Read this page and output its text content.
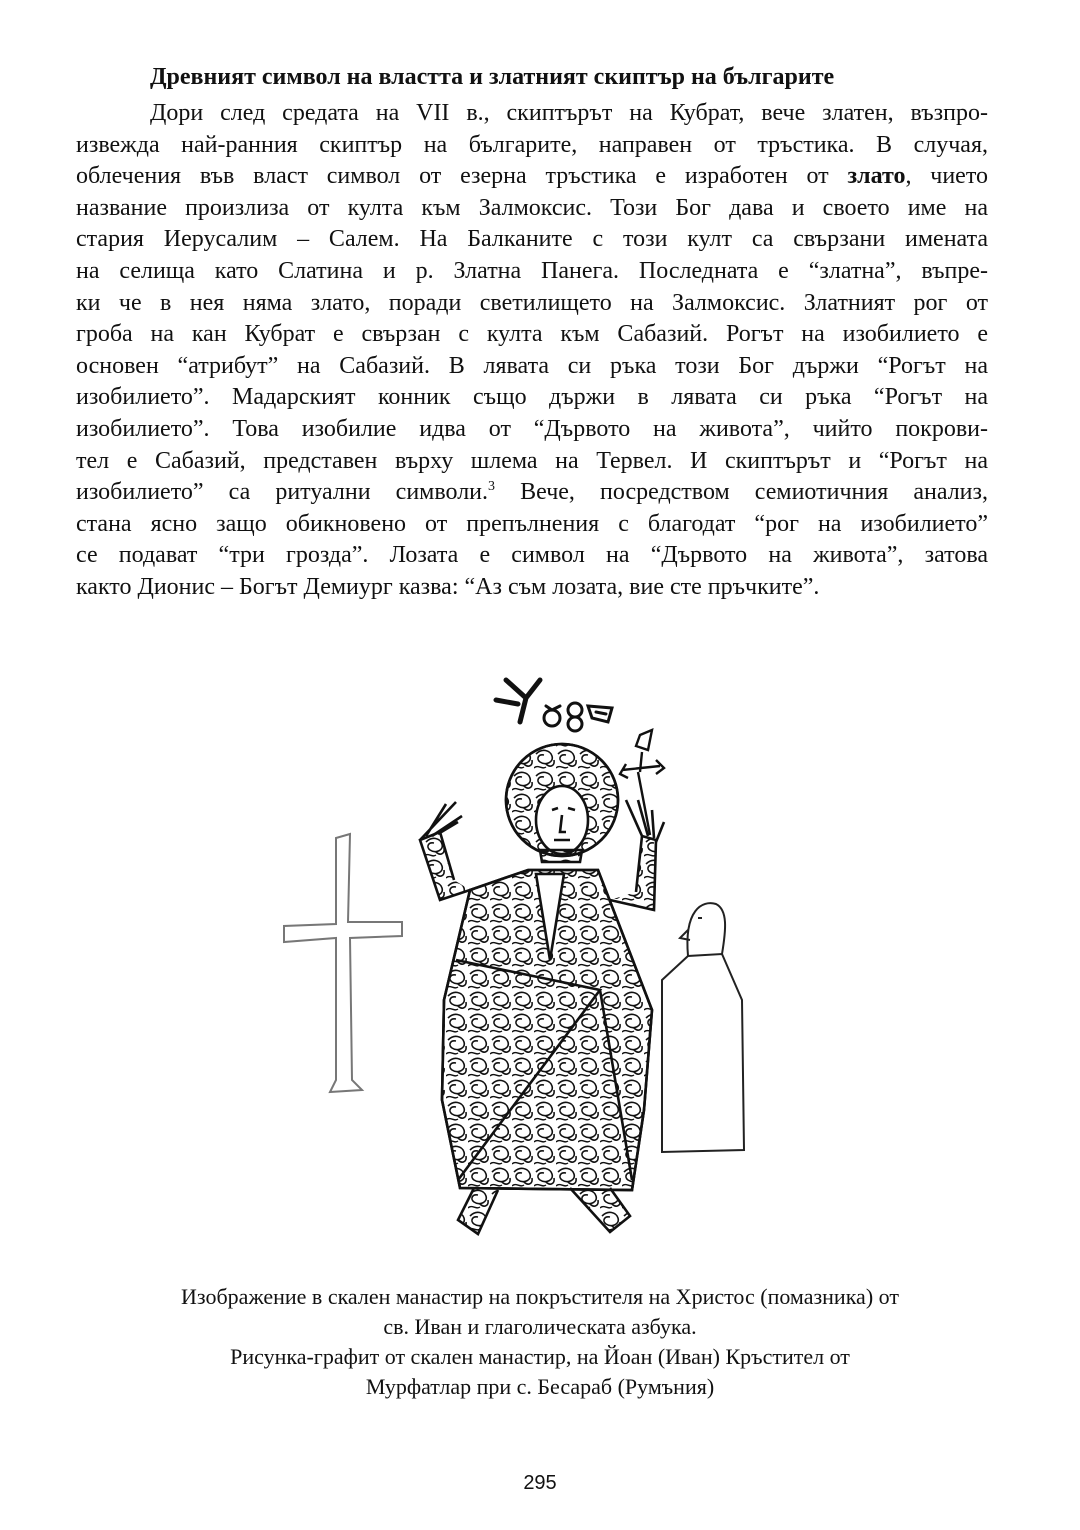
Древният символ на властта и златният скиптър на българите
Дори след средата на VII в., скиптърът на Кубрат, вече златен, възпро-
извежда най-ранния скиптър на българите, направен от тръстика. В случая,
облечения във власт символ от езерна тръстика е изработен от злато, чието
название произлиза от култа към Залмоксис. Този Бог дава и своето име на
стария Иерусалим – Салем. На Балканите с този култ са свързани имената
на селища като Слатина и р. Златна Панега. Последната е “златна”, въпре-
ки че в нея няма злато, поради светилището на Залмоксис. Златният рог от
гроба на кан Кубрат е свързан с култа към Сабазий. Рогът на изобилието е
основен “атрибут” на Сабазий. В лявата си ръка този Бог държи “Рогът на
изобилието”. Мадарският конник също държи в лявата си ръка “Рогът на
изобилието”. Това изобилие идва от “Дървото на живота”, чийто покрови-
тел е Сабазий, представен върху шлема на Тервел. И скиптърът и “Рогът на
изобилието” са ритуални символи.$^3$ Вече, посредством семиотичния анализ,
стана ясно защо обикновено от препълнения с благодат “рог на изобилието”
се подават “три грозда”. Лозата е символ на “Дървото на живота”, затова
както Дионис – Богът Демиург казва: “Аз съм лозата, вие сте пръчките”.
Изображение в скален манастир на покръстителя на Христос (помазника) от
св. Иван и глаголическата азбука.
Рисунка-графит от скален манастир, на Йоан (Иван) Кръстител от
Мурфатлар при с. Бесараб (Румъния)
295
